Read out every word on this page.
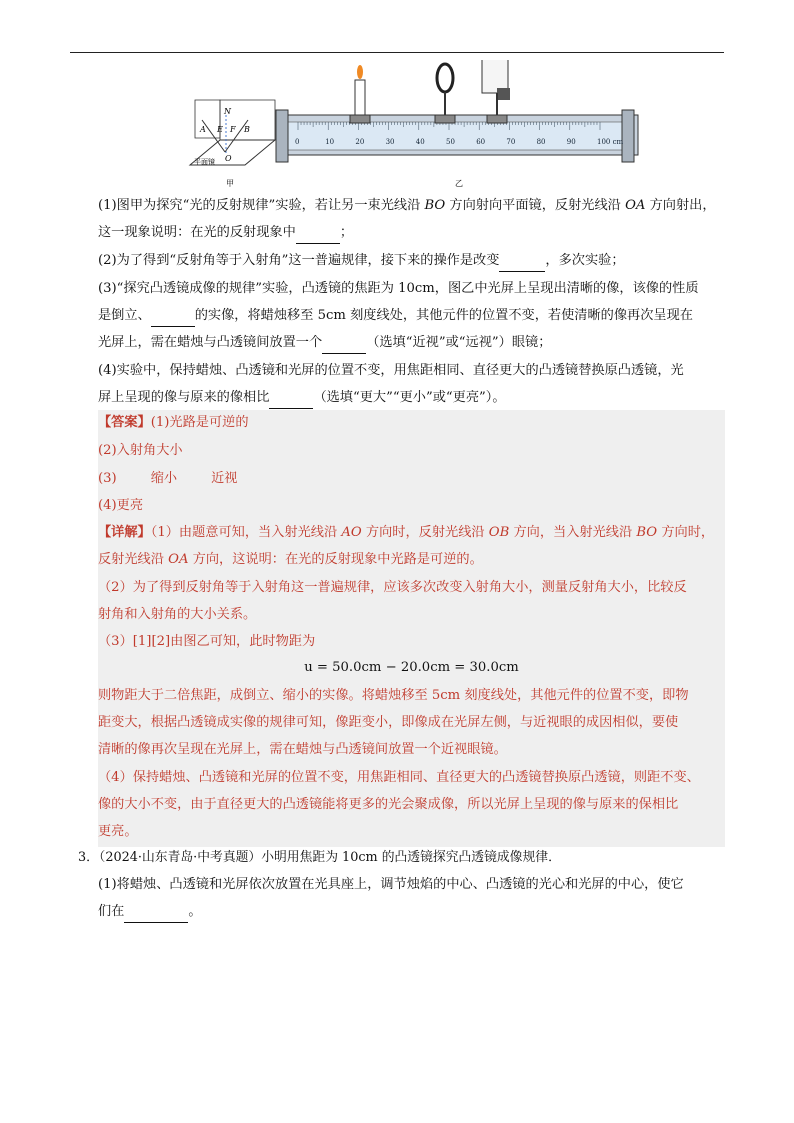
N
A E F B
O
平面镜
甲
0	10	20	30	40	50	60	70	80	90	100 cm
乙
(1)图甲为探究“光的反射规律”实验，若让另一束光线沿 BO 方向射向平面镜，反射光线沿 OA 方向射出，
这一现象说明：在光的反射现象中	；
(2)为了得到“反射角等于入射角”这一普遍规律，接下来的操作是改变	，多次实验；
(3)“探究凸透镜成像的规律”实验，凸透镜的焦距为 10cm，图乙中光屏上呈现出清晰的像，该像的性质
是倒立、	的实像，将蜡烛移至 5cm 刻度线处，其他元件的位置不变，若使清晰的像再次呈现在
光屏上，需在蜡烛与凸透镜间放置一个	（选填“近视”或“远视”）眼镜；
(4)实验中，保持蜡烛、凸透镜和光屏的位置不变，用焦距相同、直径更大的凸透镜替换原凸透镜，光
屏上呈现的像与原来的像相比	（选填“更大”“更小”或“更亮”）。
【答案】(1)光路是可逆的
(2)入射角大小
(3)	缩小	近视
(4)更亮
【详解】（1）由题意可知，当入射光线沿 AO 方向时，反射光线沿 OB 方向，当入射光线沿 BO 方向时，
反射光线沿 OA 方向，这说明：在光的反射现象中光路是可逆的。
（2）为了得到反射角等于入射角这一普遍规律，应该多次改变入射角大小，测量反射角大小，比较反
射角和入射角的大小关系。
（3）[1][2]由图乙可知，此时物距为
u = 50.0cm − 20.0cm = 30.0cm
则物距大于二倍焦距，成倒立、缩小的实像。将蜡烛移至 5cm 刻度线处，其他元件的位置不变，即物
距变大，根据凸透镜成实像的规律可知，像距变小，即像成在光屏左侧，与近视眼的成因相似，要使
清晰的像再次呈现在光屏上，需在蜡烛与凸透镜间放置一个近视眼镜。
（4）保持蜡烛、凸透镜和光屏的位置不变，用焦距相同、直径更大的凸透镜替换原凸透镜，则距不变、
像的大小不变，由于直径更大的凸透镜能将更多的光会聚成像，所以光屏上呈现的像与原来的保相比
更亮。
3．（2024·山东青岛·中考真题）小明用焦距为 10cm 的凸透镜探究凸透镜成像规律．
(1)将蜡烛、凸透镜和光屏依次放置在光具座上，调节烛焰的中心、凸透镜的光心和光屏的中心，使它
们在	。
